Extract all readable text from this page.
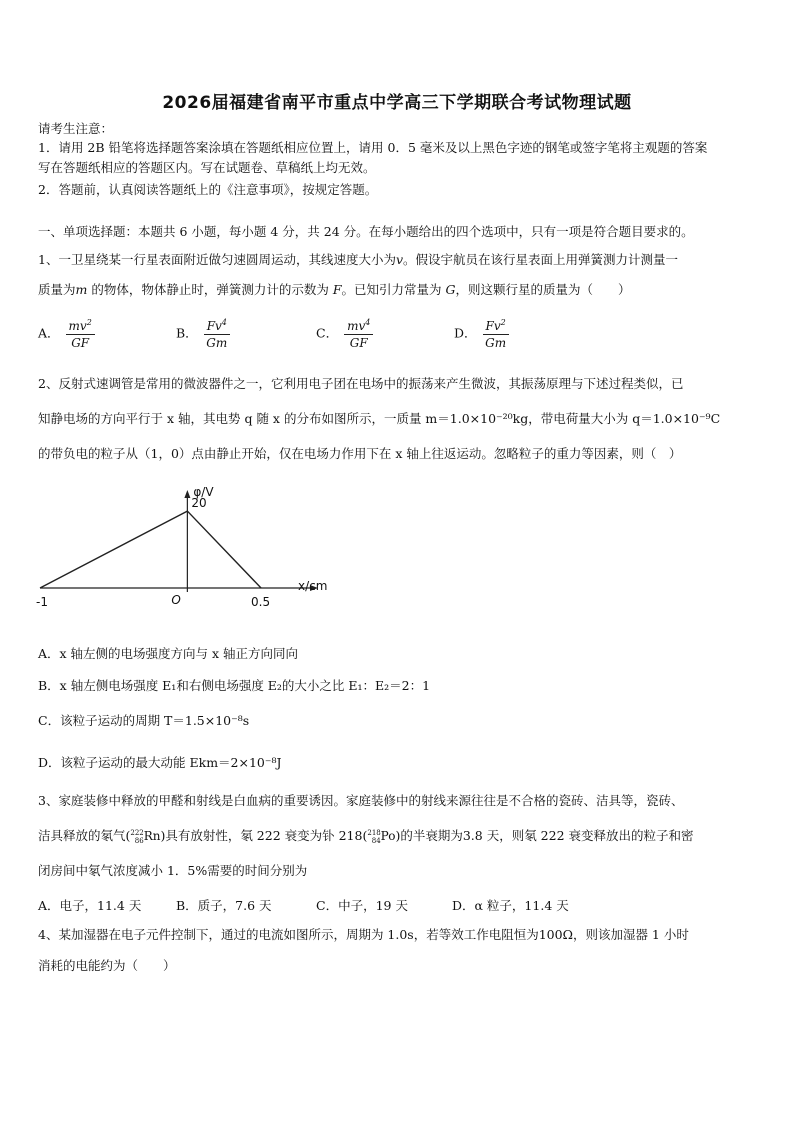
2026届福建省南平市重点中学高三下学期联合考试物理试题
请考生注意：
1．请用 2B 铅笔将选择题答案涂填在答题纸相应位置上，请用 0．5 毫米及以上黑色字迹的钢笔或签字笔将主观题的答案
写在答题纸相应的答题区内。写在试题卷、草稿纸上均无效。
2．答题前，认真阅读答题纸上的《注意事项》，按规定答题。
一、单项选择题：本题共 6 小题，每小题 4 分，共 24 分。在每小题给出的四个选项中，只有一项是符合题目要求的。
1、一卫星绕某一行星表面附近做匀速圆周运动，其线速度大小为v。假设宇航员在该行星表面上用弹簧测力计测量一
质量为m 的物体，物体静止时，弹簧测力计的示数为 F。已知引力常量为 G，则这颗行星的质量为（　　）
A． $\frac{mv^2}{GF}$	B． $\frac{Fv^4}{Gm}$	C． $\frac{mv^4}{GF}$	D． $\frac{Fv^2}{Gm}$
2、反射式速调管是常用的微波器件之一，它利用电子团在电场中的振荡来产生微波，其振荡原理与下述过程类似，已
知静电场的方向平行于 x 轴，其电势 q 随 x 的分布如图所示，一质量 m＝1.0×10⁻²⁰kg，带电荷量大小为 q＝1.0×10⁻⁹C
的带负电的粒子从（1，0）点由静止开始，仅在电场力作用下在 x 轴上往返运动。忽略粒子的重力等因素，则（　）
φ/V
x/cm
O
-1	0.5
20
A．x 轴左侧的电场强度方向与 x 轴正方向同向
B．x 轴左侧电场强度 E₁和右侧电场强度 E₂的大小之比 E₁：E₂＝2：1
C．该粒子运动的周期 T＝1.5×10⁻⁸s
D．该粒子运动的最大动能 Ekm＝2×10⁻⁸J
3、家庭装修中释放的甲醛和射线是白血病的重要诱因。家庭装修中的射线来源往往是不合格的瓷砖、洁具等，瓷砖、
洁具释放的氡气($^{222}_{86}$Rn)具有放射性，氡 222 衰变为钋 218($^{218}_{84}$Po)的半衰期为3.8 天，则氡 222 衰变释放出的粒子和密
闭房间中氡气浓度减小 1．5%需要的时间分别为
A．电子，11.4 天	B．质子，7.6 天	C．中子，19 天	D．α 粒子，11.4 天
4、某加湿器在电子元件控制下，通过的电流如图所示，周期为 1.0s，若等效工作电阻恒为100Ω，则该加湿器 1 小时
消耗的电能约为（　　）
